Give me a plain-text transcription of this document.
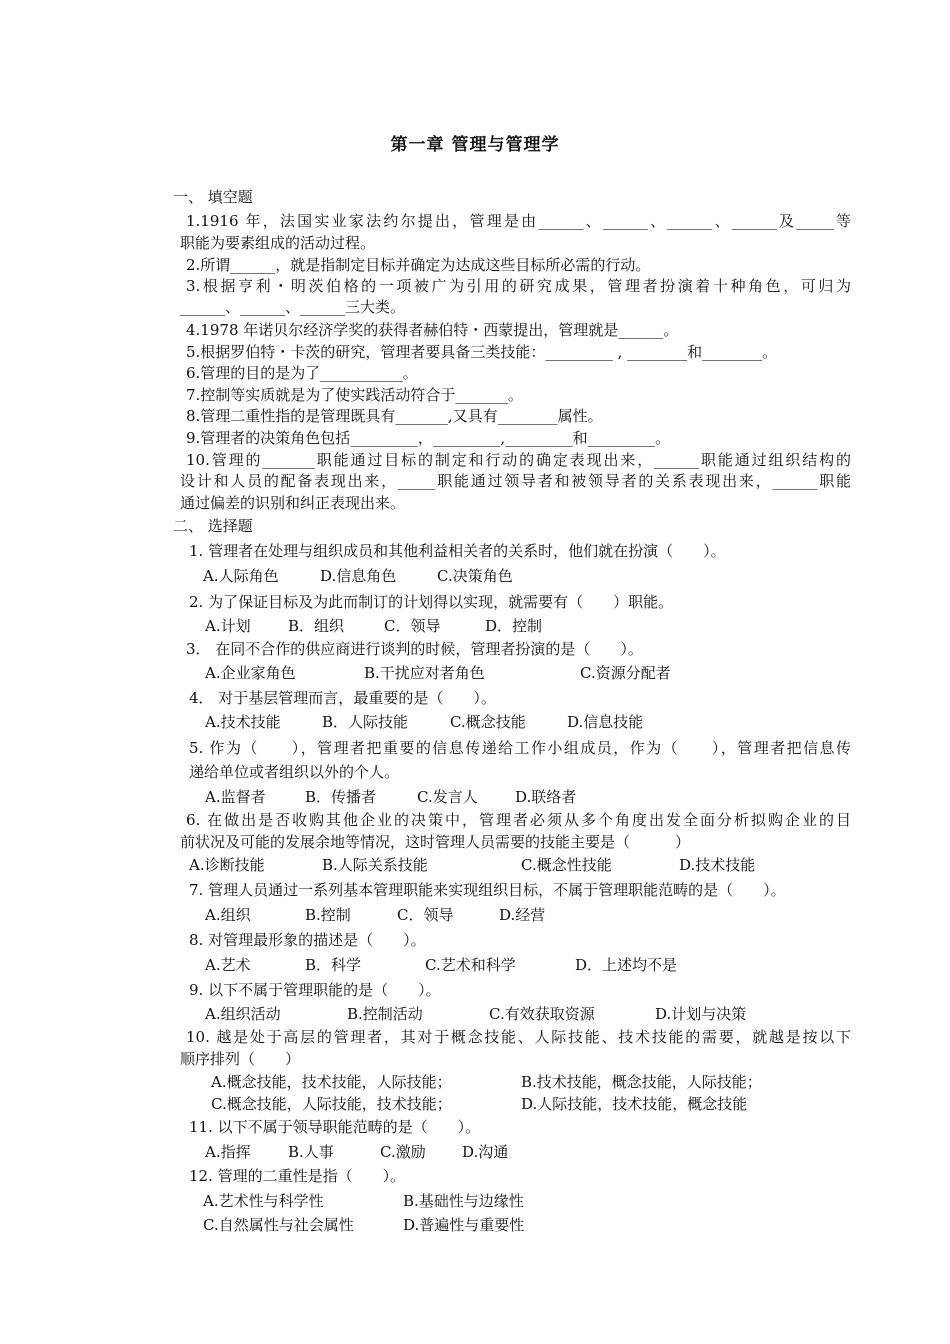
第一章 管理与管理学
一、 填空题
1.1916 年，法国实业家法约尔提出，管理是由______、______、______、______及_____等
职能为要素组成的活动过程。
2.所谓______，就是指制定目标并确定为达成这些目标所必需的行动。
3.根据亨利・明茨伯格的一项被广为引用的研究成果，管理者扮演着十种角色，可归为
______、______、______三大类。
4.1978 年诺贝尔经济学奖的获得者赫伯特・西蒙提出，管理就是______。
5.根据罗伯特・卡茨的研究，管理者要具备三类技能：_________ , ________和________。
6.管理的目的是为了___________。
7.控制等实质就是为了使实践活动符合于_______。
8.管理二重性指的是管理既具有_______,又具有________属性。
9.管理者的决策角色包括_________，_________,_________和_________。
10.管理的_______职能通过目标的制定和行动的确定表现出来，______职能通过组织结构的
设计和人员的配备表现出来，_____职能通过领导者和被领导者的关系表现出来，______职能
通过偏差的识别和纠正表现出来。
二、 选择题
1. 管理者在处理与组织成员和其他利益相关者的关系时，他们就在扮演（　　）。
A.人际角色	D.信息角色	C.决策角色
2. 为了保证目标及为此而制订的计划得以实现，就需要有（　　）职能。
A.计划 B．组织	C．领导	D．控制
3． 在同不合作的供应商进行谈判的时候，管理者扮演的是（　　）。
A.企业家角色	B.干扰应对者角色	C.资源分配者
4． 对于基层管理而言，最重要的是（　　）。
A.技术技能	B．人际技能	C.概念技能	D.信息技能
5. 作为（　　），管理者把重要的信息传递给工作小组成员，作为（　　），管理者把信息传
递给单位或者组织以外的个人。
A.监督者	B．传播者	C.发言人 D.联络者
6. 在做出是否收购其他企业的决策中，管理者必须从多个角度出发全面分析拟购企业的目
前状况及可能的发展余地等情况，这时管理人员需要的技能主要是（　　　）
A.诊断技能	B.人际关系技能	C.概念性技能	D.技术技能
7. 管理人员通过一系列基本管理职能来实现组织目标，不属于管理职能范畴的是（　　）。
A.组织	B.控制	C．领导	D.经营
8. 对管理最形象的描述是（　　）。
A.艺术	B．科学	C.艺术和科学	D．上述均不是
9. 以下不属于管理职能的是（　　）。
A.组织活动	B.控制活动	C.有效获取资源	D.计划与决策
10. 越是处于高层的管理者，其对于概念技能、人际技能、技术技能的需要，就越是按以下
顺序排列（　　）
A.概念技能，技术技能，人际技能；	B.技术技能，概念技能，人际技能；
C.概念技能，人际技能，技术技能；	D.人际技能，技术技能，概念技能
11. 以下不属于领导职能范畴的是（　　）。
A.指挥 B.人事	C.激励 D.沟通
12. 管理的二重性是指（　　）。
A.艺术性与科学性	B.基础性与边缘性
C.自然属性与社会属性	D.普遍性与重要性
